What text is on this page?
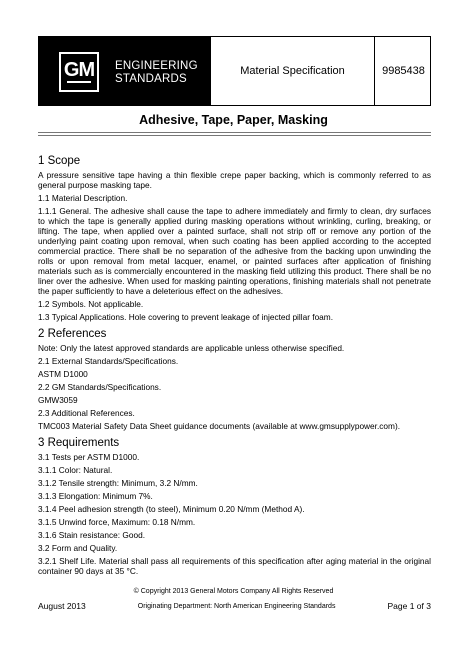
GM ENGINEERING
STANDARDS
Material Specification	9985438
Adhesive, Tape, Paper, Masking
1 Scope
A pressure sensitive tape having a thin flexible crepe paper backing, which is commonly referred to as general purpose masking tape.
1.1 Material Description.
1.1.1 General. The adhesive shall cause the tape to adhere immediately and firmly to clean, dry surfaces to which the tape is generally applied during masking operations without wrinkling, curling, breaking, or lifting. The tape, when applied over a painted surface, shall not strip off or remove any portion of the underlying paint coating upon removal, when such coating has been applied according to the accepted commercial practice. There shall be no separation of the adhesive from the backing upon unwinding the rolls or upon removal from metal lacquer, enamel, or painted surfaces after application of finishing materials such as is commercially encountered in the masking field utilizing this product. There shall be no liner over the adhesive. When used for masking painting operations, finishing materials shall not penetrate the paper sufficiently to have a deleterious effect on the adhesives.
1.2 Symbols. Not applicable.
1.3 Typical Applications. Hole covering to prevent leakage of injected pillar foam.
2 References
Note: Only the latest approved standards are applicable unless otherwise specified.
2.1 External Standards/Specifications.
ASTM D1000
2.2 GM Standards/Specifications.
GMW3059
2.3 Additional References.
TMC003 Material Safety Data Sheet guidance documents (available at www.gmsupplypower.com).
3 Requirements
3.1 Tests per ASTM D1000.
3.1.1 Color: Natural.
3.1.2 Tensile strength: Minimum, 3.2 N/mm.
3.1.3 Elongation: Minimum 7%.
3.1.4 Peel adhesion strength (to steel), Minimum 0.20 N/mm (Method A).
3.1.5 Unwind force, Maximum: 0.18 N/mm.
3.1.6 Stain resistance: Good.
3.2 Form and Quality.
3.2.1 Shelf Life. Material shall pass all requirements of this specification after aging material in the original container 90 days at 35 °C.
© Copyright 2013 General Motors Company All Rights Reserved
August 2013	Originating Department: North American Engineering Standards	Page 1 of 3
